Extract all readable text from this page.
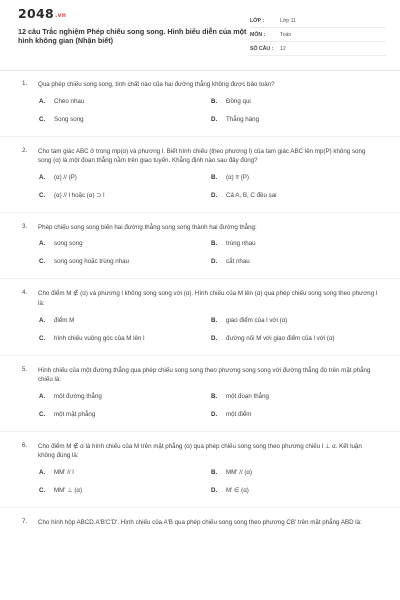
2048.vn
12 câu Trắc nghiệm Phép chiếu song song. Hình biểu diễn của một hình không gian (Nhận biết)
LỚP :	Lớp 11
MÔN :	Toán
SỐ CÂU :	12
1. Qua phép chiếu song song, tính chất nào của hai đường thẳng không được bảo toàn?
A.	Chéo nhau	B.	Đồng qui
C.	Song song	D.	Thẳng hàng
2. Cho tam giác ABC ở trong mp(α) và phương l. Biết hình chiếu (theo phương l) của tam giác ABC lên mp(P) không song song (α) là một đoạn thẳng nằm trên giao tuyến. Khẳng định nào sau đây đúng?
A.	(α) // (P)	B.	(α) ≡ (P)
C.	(α) // l hoặc (α) ⊃ l	D.	Cả A, B, C đều sai
3. Phép chiếu song song biến hai đường thẳng song song thành hai đường thẳng:
A.	song song	B.	trùng nhau
C.	song song hoặc trùng nhau	D.	cắt nhau
4. Cho điểm M ∉ (α) và phương l không song song với (α). Hình chiếu của M lên (α) qua phép chiếu song song theo phương l là:
A.	điểm M	B.	giao điểm của l với (α)
C.	hình chiếu vuông góc của M lên l	D.	đường nối M với giao điểm của l với (α)
5. Hình chiếu của một đường thẳng qua phép chiếu song song theo phương song song với đường thẳng đó trên mặt phẳng chiếu là:
A.	một đường thẳng	B.	một đoạn thẳng
C.	một mặt phẳng	D.	một điểm
6. Cho điểm M ∉ α là hình chiếu của M trên mặt phẳng (α) qua phép chiếu song song theo phương chiếu l ⊥ α. Kết luận không đúng là:
A.	MM' // l	B.	MM' // (α)
C.	MM' ⊥ (α)	D.	M' ∈ (α)
7. Cho hình hộp ABCD.A'B'C'D'. Hình chiếu của A'B qua phép chiếu song song theo phương CB' trên mặt phẳng ABD là:
